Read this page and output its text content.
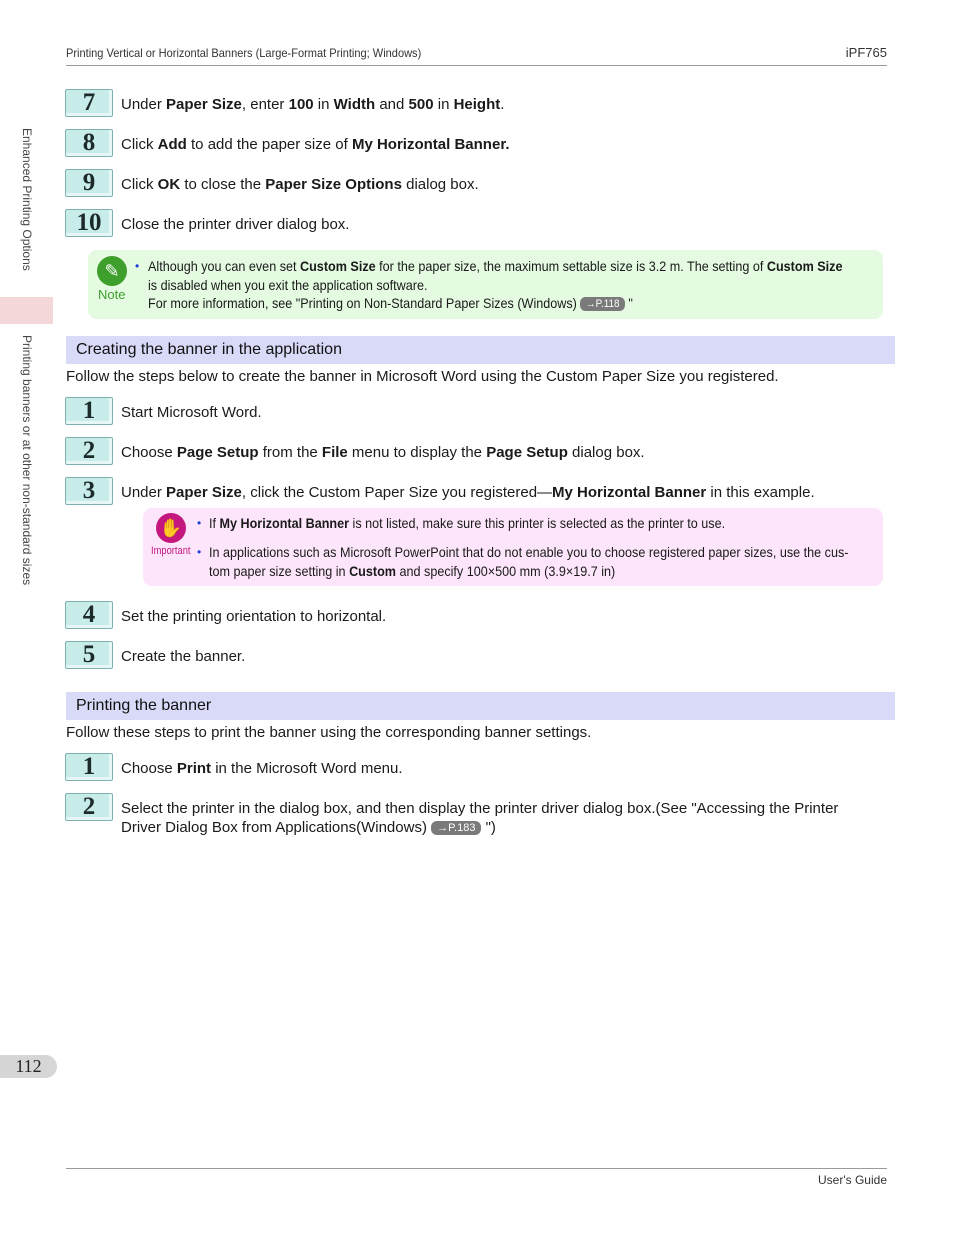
Printing Vertical or Horizontal Banners (Large-Format Printing; Windows)	iPF765
Enhanced Printing Options
Printing banners or at other non-standard sizes
7	Under Paper Size, enter 100 in Width and 500 in Height.
8	Click Add to add the paper size of My Horizontal Banner.
9	Click OK to close the Paper Size Options dialog box.
10	Close the printer driver dialog box.
✎
Note
• Although you can even set Custom Size for the paper size, the maximum settable size is 3.2 m. The setting of Custom Size
is disabled when you exit the application software.
For more information, see "Printing on Non-Standard Paper Sizes (Windows) →P.118 "
Creating the banner in the application
Follow the steps below to create the banner in Microsoft Word using the Custom Paper Size you registered.
1	Start Microsoft Word.
2	Choose Page Setup from the File menu to display the Page Setup dialog box.
3	Under Paper Size, click the Custom Paper Size you registered—My Horizontal Banner in this example.
✋
Important
• If My Horizontal Banner is not listed, make sure this printer is selected as the printer to use.
• In applications such as Microsoft PowerPoint that do not enable you to choose registered paper sizes, use the cus-
tom paper size setting in Custom and specify 100×500 mm (3.9×19.7 in)
4	Set the printing orientation to horizontal.
5	Create the banner.
Printing the banner
Follow these steps to print the banner using the corresponding banner settings.
1	Choose Print in the Microsoft Word menu.
2	Select the printer in the dialog box, and then display the printer driver dialog box.(See "Accessing the Printer
Driver Dialog Box from Applications(Windows) →P.183 ")
112
User's Guide
